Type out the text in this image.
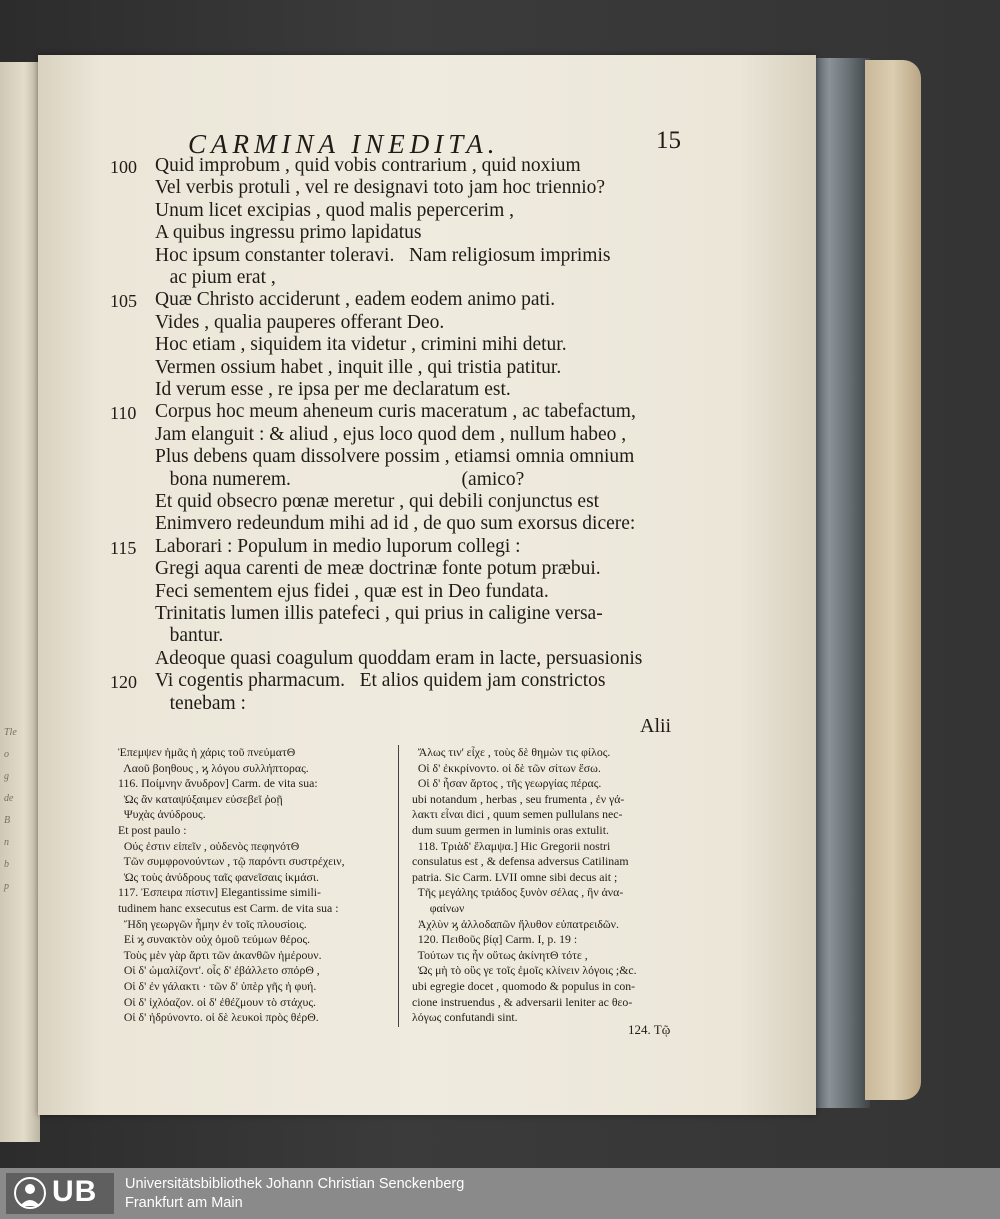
Tle
o
g
de
B
n
b
p
CARMINA INEDITA.	15
100 Quid improbum , quid vobis contrarium , quid noxium
Vel verbis protuli , vel re designavi toto jam hoc triennio?
Unum licet excipias , quod malis pepercerim ,
A quibus ingressu primo lapidatus
Hoc ipsum constanter toleravi.   Nam religiosum imprimis
ac pium erat ,
105 Quæ Christo acciderunt , eadem eodem animo pati.
Vides , qualia pauperes offerant Deo.
Hoc etiam , siquidem ita videtur , crimini mihi detur.
Vermen ossium habet , inquit ille , qui tristia patitur.
Id verum esse , re ipsa per me declaratum est.
110 Corpus hoc meum aheneum curis maceratum , ac tabefactum,
Jam elanguit : & aliud , ejus loco quod dem , nullum habeo ,
Plus debens quam dissolvere possim , etiamsi omnia omnium
bona numerem.                                   (amico?
Et quid obsecro pœnæ meretur , qui debili conjunctus est
Enimvero redeundum mihi ad id , de quo sum exorsus dicere:
115 Laborari : Populum in medio luporum collegi :
Gregi aqua carenti de meæ doctrinæ fonte potum præbui.
Feci sementem ejus fidei , quæ est in Deo fundata.
Trinitatis lumen illis patefeci , qui prius in caligine versa-
bantur.
Adeoque quasi coagulum quoddam eram in lacte, persuasionis
120 Vi cogentis pharmacum.   Et alios quidem jam constrictos
tenebam :
Alii
Ἐπεμψεν ἡμᾶς ἡ χάρις τοῦ πνεύματΘ
Λαοῦ βοηθους , ϗ λόγου συλλήπτορας.
116. Ποίμνην ἄνυδρον] Carm. de vita sua:
Ὡς ἂν καταψύξαιμεν εὐσεβεῖ ῥοῇ
Ψυχὰς ἀνύδρους.
Et post paulo :
Ούς ἐστιν εἰπεῖν , οὐδενὸς πεφηνότΘ
Τῶν συμφρονούντων , τῷ παρόντι συστρέχειν,
Ὡς τοὺς ἀνύδρους ταῖς φανεῖσαις ἰκμάσι.
117. Ἐσπειρα πίστιν] Elegantissime simili-
tudinem hanc exsecutus est Carm. de vita sua :
Ἤδη γεωργῶν ἧμην ἐν τοῖς πλουσίοις.
Εἰ ϗ συνακτὸν οὐχ ὁμοῦ τεύμων θέρος.
Τοὺς μὲν γὰρ ἄρτι τῶν ἀκανθῶν ἡμέρουν.
Οἱ δ' ὡμαλίζοντ'. οἷς δ' ἐβάλλετο σπόρΘ ,
Οἱ δ' ἐν γάλακτι · τῶν δ' ὑπὲρ γῆς ἡ φυή.
Οἱ δ' ἰχλόαζον. οἱ δ' ἐθέζμουν τὸ στάχυς.
Οἱ δ' ἠδρύνοντο. οἱ δὲ λευκοὶ πρὸς θέρΘ.
Ἄλως τιν' εἶχε , τοὺς δὲ θημὼν τις φίλος.
Οἱ δ' ἐκκρίνοντο. οἱ δὲ τῶν σίτων ἔσω.
Οἱ δ' ἦσαν ἄρτος , τῆς γεωργίας πέρας.
ubi notandum , herbas , seu frumenta , ἐν γά-
λακτι εἶναι dici , quum semen pullulans nec-
dum suum germen in luminis oras extulit.
118. Τριὰδ' ἔλαμψα.] Hic Gregorii nostri
consulatus est , & defensa adversus Catilinam
patria. Sic Carm. LVII omne sibi decus ait ;
Τῆς μεγάλης τριάδος ξυνὸν σέλας , ἣν ἀνα-
φαίνων
Ἀχλὺν ϗ ἀλλοδαπῶν ἤλυθον εὐπατρειδῶν.
120. Πειθοῦς βίᾳ] Carm. I, p. 19 :
Τούτων τις ἦν οὕτως ἀκίνητΘ τότε ,
Ὡς μὴ τὸ οὓς γε τοῖς ἐμοῖς κλίνειν λόγοις ;&c.
ubi egregie docet , quomodo & populus in con-
cione instruendus , & adversarii leniter ac θεο-
λόγως confutandi sint.
124. Τῷ
UB Universitätsbibliothek Johann Christian Senckenberg
Frankfurt am Main
